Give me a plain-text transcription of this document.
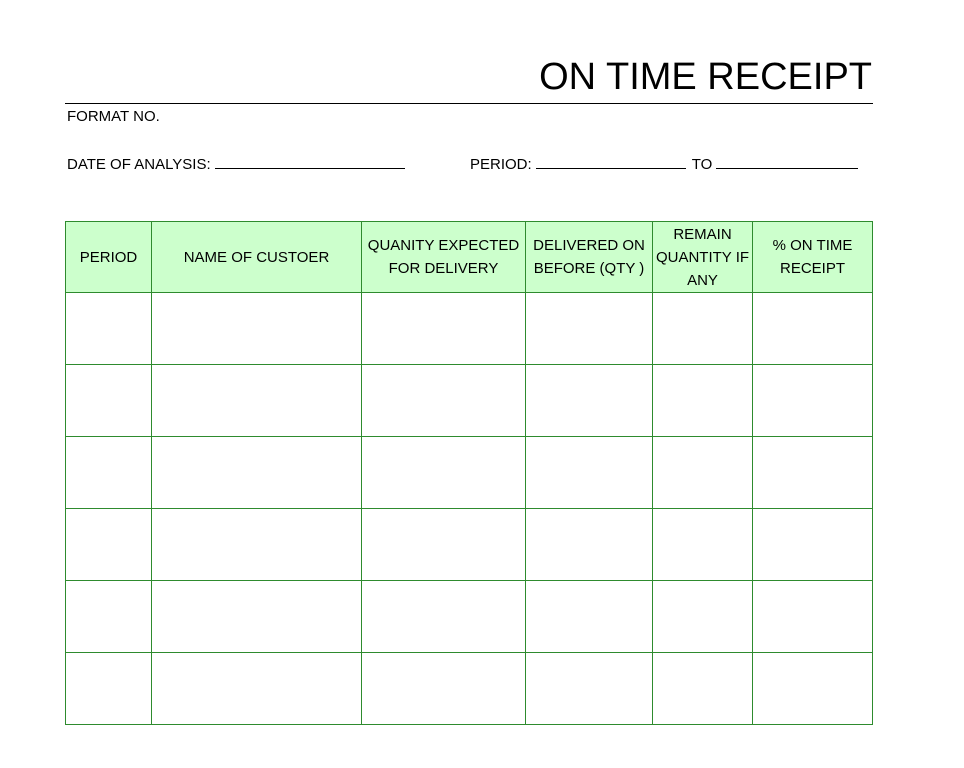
ON TIME RECEIPT
FORMAT NO.
DATE OF ANALYSIS:	PERIOD:	TO
PERIOD	NAME OF CUSTOER	QUANITY EXPECTED FOR DELIVERY	DELIVERED ON BEFORE (QTY )	REMAIN QUANTITY IF ANY	% ON TIME RECEIPT
